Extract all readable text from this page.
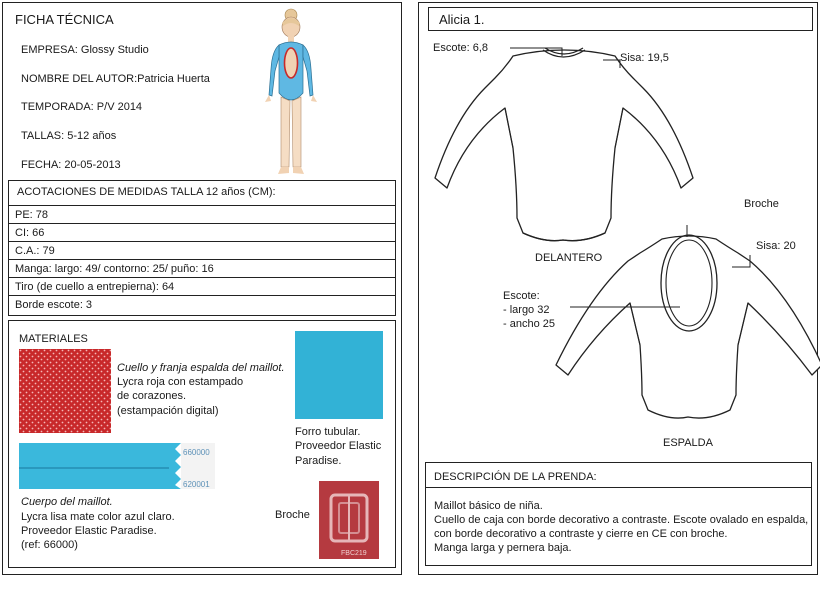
FICHA TÉCNICA
EMPRESA: Glossy Studio
NOMBRE DEL AUTOR:Patricia Huerta
TEMPORADA: P/V 2014
TALLAS: 5-12 años
FECHA: 20-05-2013
ACOTACIONES DE MEDIDAS TALLA 12 años (CM):
PE: 78
CI: 66
C.A.: 79
Manga: largo: 49/ contorno: 25/ puño: 16
Tiro (de cuello a entrepierna): 64
Borde escote: 3
MATERIALES
Cuello y franja espalda del maillot.
Lycra roja con estampado
de corazones.
(estampación digital)
660000
620001
Cuerpo del maillot.
Lycra lisa mate color azul claro.
Proveedor Elastic Paradise.
(ref: 66000)
Forro tubular.
Proveedor Elastic
Paradise.
Broche
FBC219
Alicia 1.
Escote: 6,8
Sisa: 19,5
DELANTERO
Broche
Sisa: 20
Escote:
- largo 32
- ancho 25
ESPALDA
DESCRIPCIÓN DE LA PRENDA:
Maillot básico de niña.
Cuello de caja con borde decorativo a contraste. Escote ovalado en espalda,
con borde decorativo a contraste y cierre en CE con broche.
Manga larga y pernera baja.
